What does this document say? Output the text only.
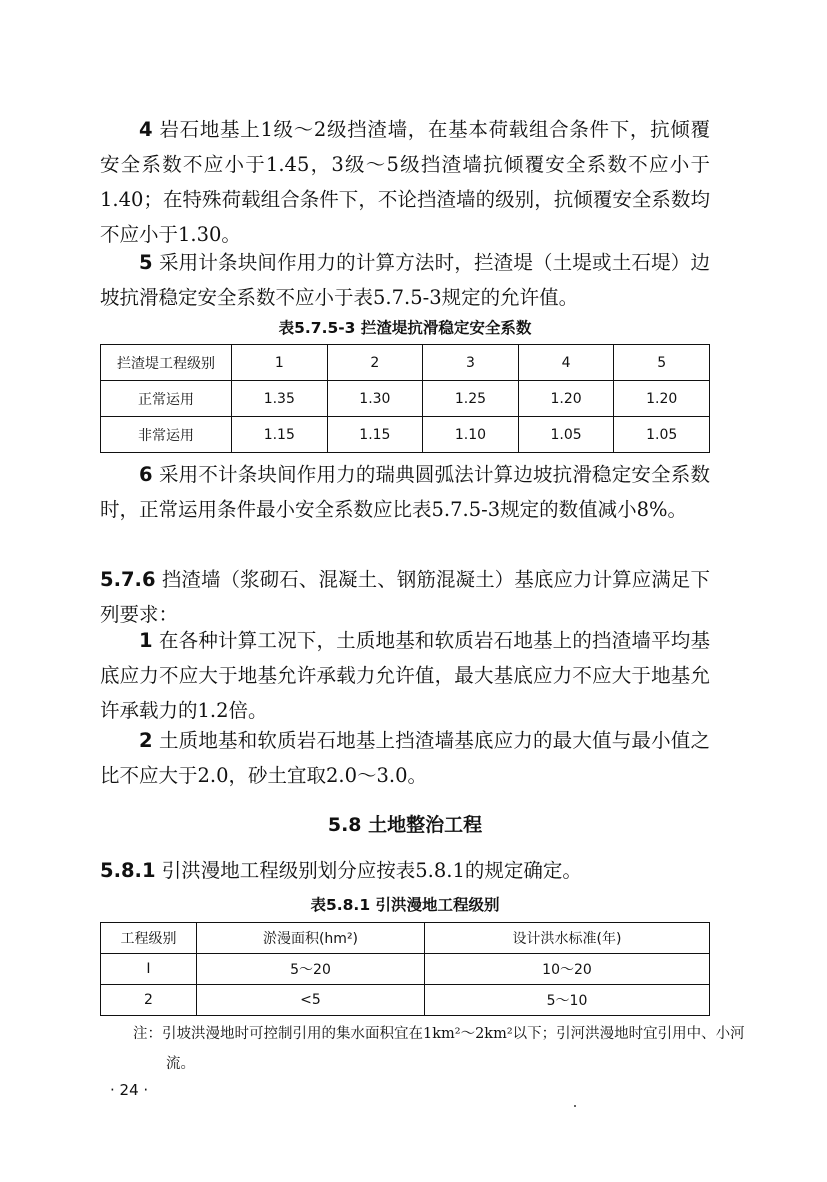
4 岩石地基上1级～2级挡渣墙，在基本荷载组合条件下，抗倾覆安全系数不应小于1.45，3级～5级挡渣墙抗倾覆安全系数不应小于1.40；在特殊荷载组合条件下，不论挡渣墙的级别，抗倾覆安全系数均不应小于1.30。

5 采用计条块间作用力的计算方法时，拦渣堤（土堤或土石堤）边坡抗滑稳定安全系数不应小于表5.7.5-3规定的允许值。

表5.7.5-3 拦渣堤抗滑稳定安全系数

拦渣堤工程级别	1	2	3	4	5
正常运用	1.35	1.30	1.25	1.20	1.20
非常运用	1.15	1.15	1.10	1.05	1.05

6 采用不计条块间作用力的瑞典圆弧法计算边坡抗滑稳定安全系数时，正常运用条件最小安全系数应比表5.7.5-3规定的数值减小8%。

5.7.6 挡渣墙（浆砌石、混凝土、钢筋混凝土）基底应力计算应满足下列要求：

1 在各种计算工况下，土质地基和软质岩石地基上的挡渣墙平均基底应力不应大于地基允许承载力允许值，最大基底应力不应大于地基允许承载力的1.2倍。

2 土质地基和软质岩石地基上挡渣墙基底应力的最大值与最小值之比不应大于2.0，砂土宜取2.0～3.0。

5.8 土地整治工程

5.8.1 引洪漫地工程级别划分应按表5.8.1的规定确定。

表5.8.1 引洪漫地工程级别

工程级别	淤漫面积(hm²)	设计洪水标准(年)
Ⅰ	5～20	10～20
2	<5	5～10

注：引坡洪漫地时可控制引用的集水面积宜在1km²～2km²以下；引河洪漫地时宜引用中、小河流。

· 24 ·
